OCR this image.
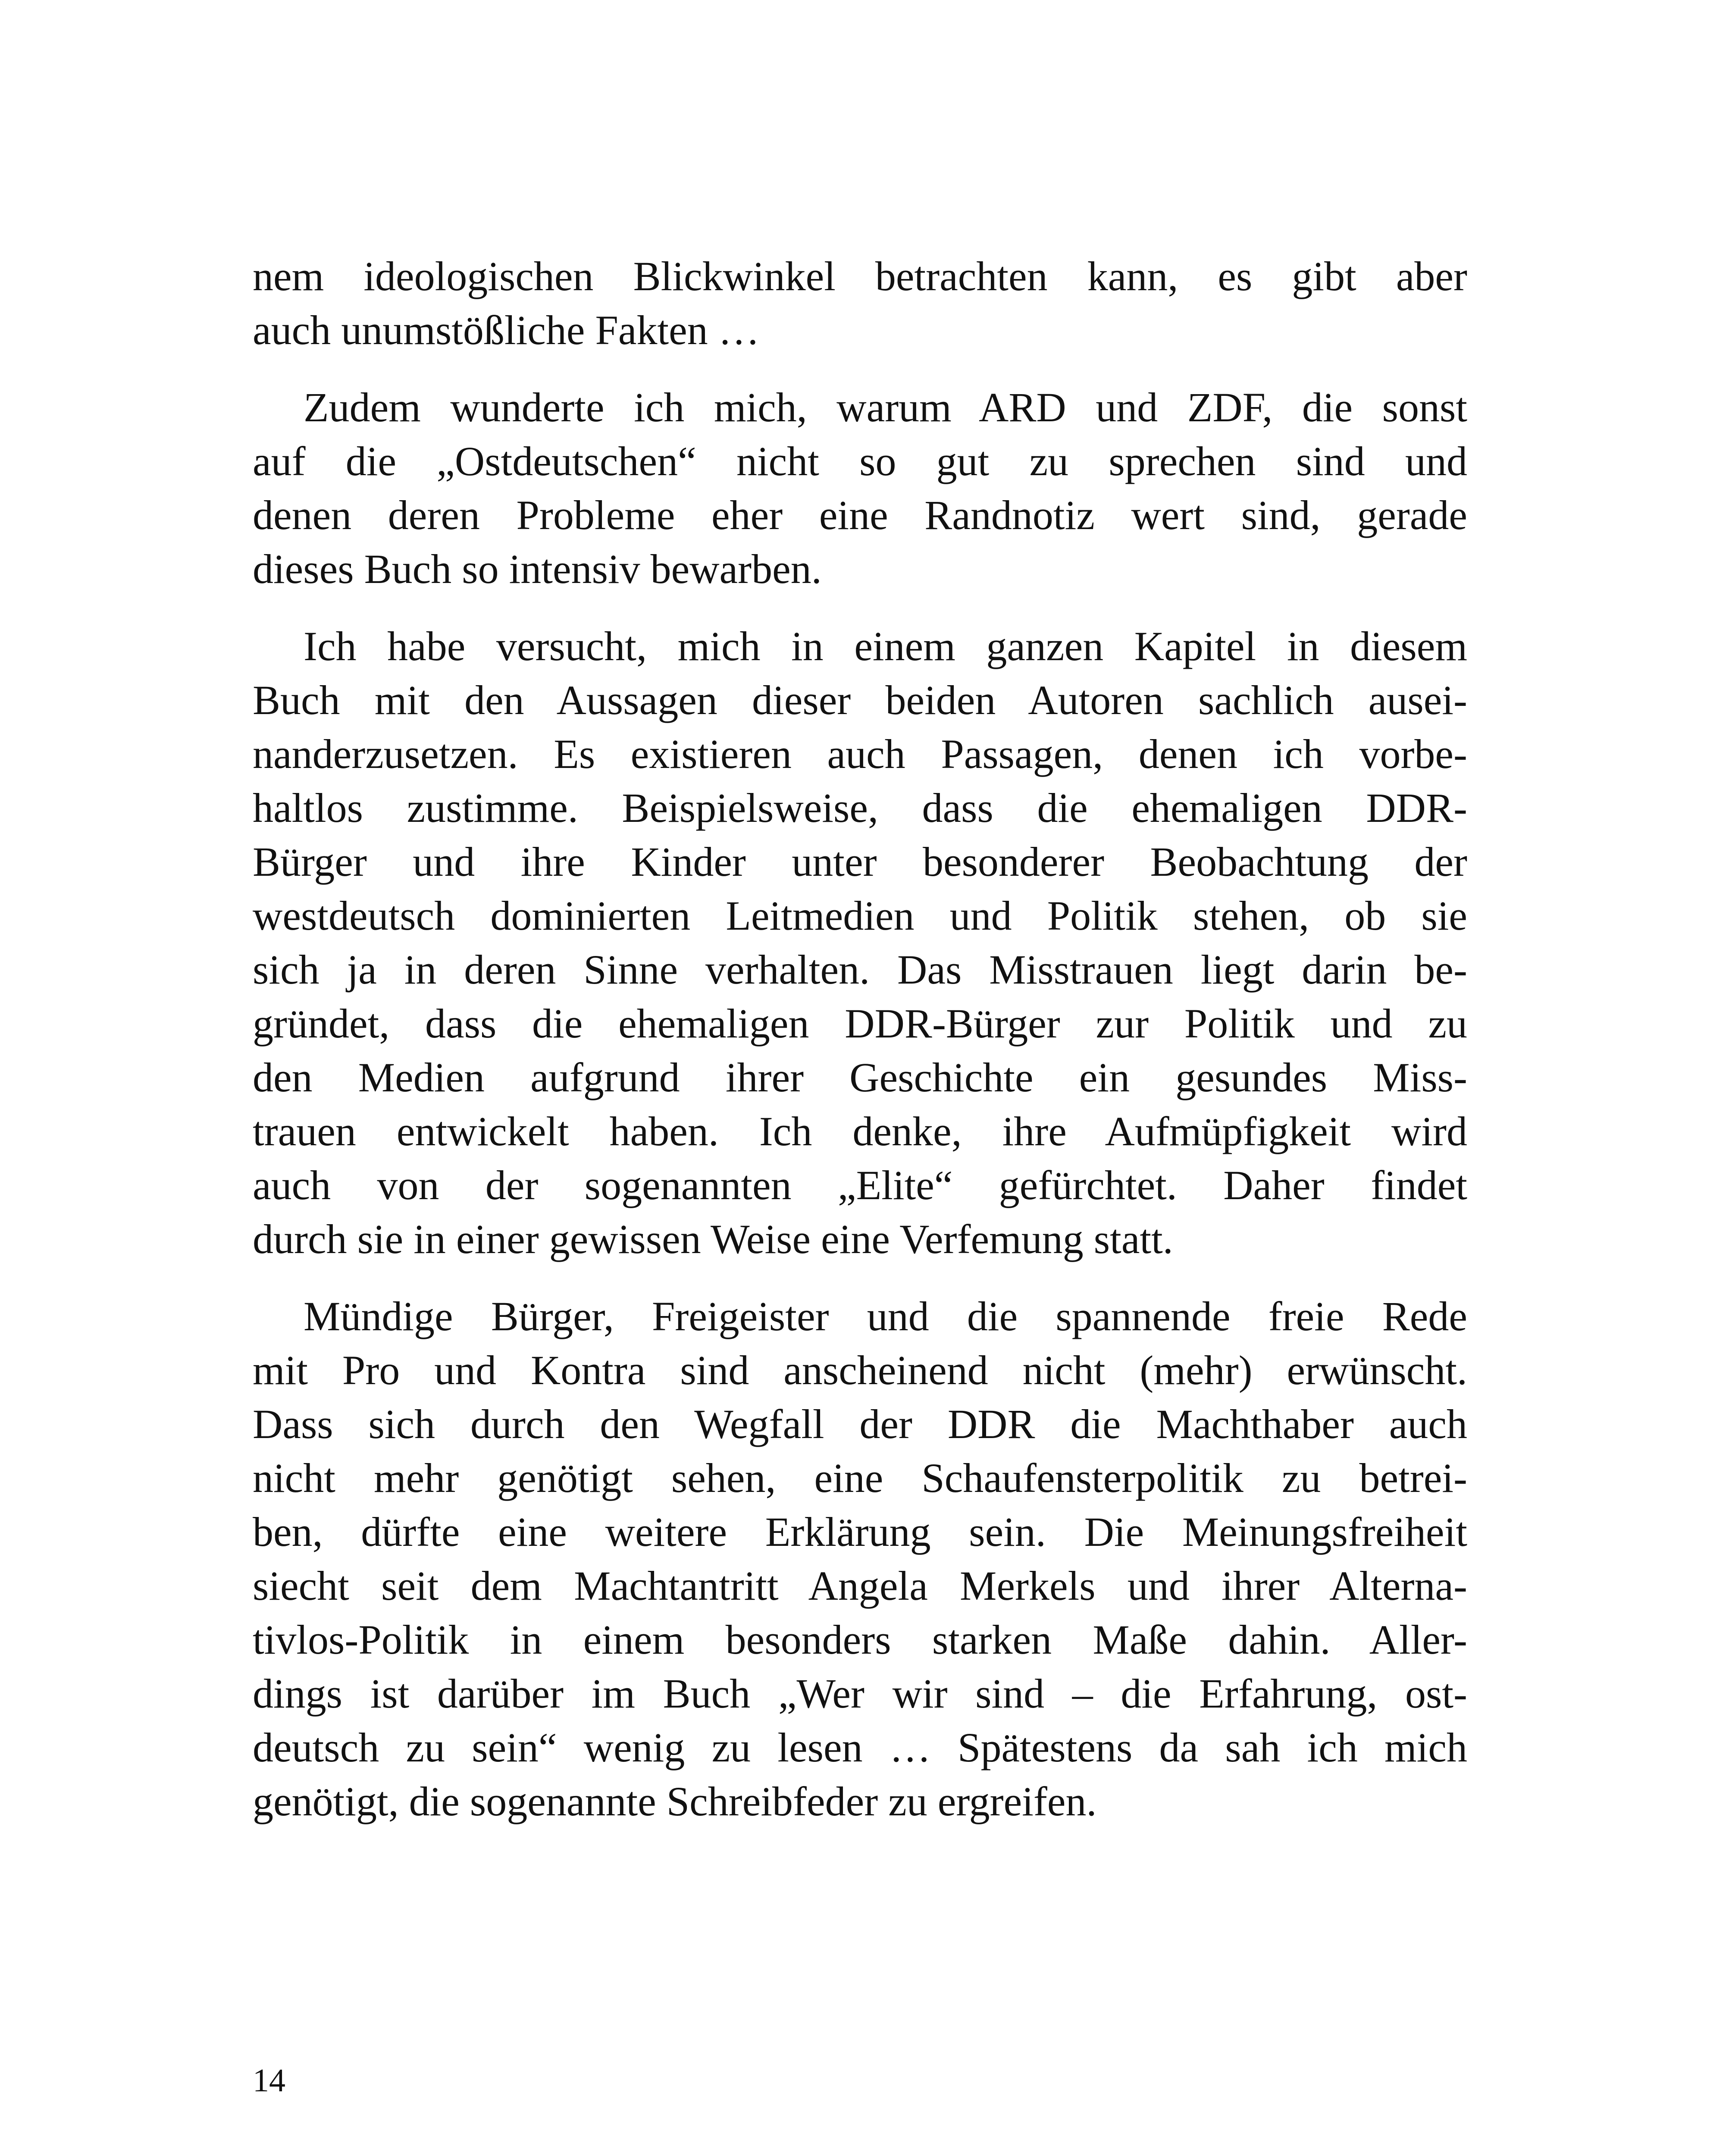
nem ideologischen Blickwinkel betrachten kann, es gibt aber
auch unumstößliche Fakten …
Zudem wunderte ich mich, warum ARD und ZDF, die sonst
auf die „Ostdeutschen“ nicht so gut zu sprechen sind und
denen deren Probleme eher eine Randnotiz wert sind, gerade
dieses Buch so intensiv bewarben.
Ich habe versucht, mich in einem ganzen Kapitel in diesem
Buch mit den Aussagen dieser beiden Autoren sachlich ausei-
nanderzusetzen. Es existieren auch Passagen, denen ich vorbe-
haltlos zustimme. Beispielsweise, dass die ehemaligen DDR-
Bürger und ihre Kinder unter besonderer Beobachtung der
westdeutsch dominierten Leitmedien und Politik stehen, ob sie
sich ja in deren Sinne verhalten. Das Misstrauen liegt darin be-
gründet, dass die ehemaligen DDR-Bürger zur Politik und zu
den Medien aufgrund ihrer Geschichte ein gesundes Miss-
trauen entwickelt haben. Ich denke, ihre Aufmüpfigkeit wird
auch von der sogenannten „Elite“ gefürchtet. Daher findet
durch sie in einer gewissen Weise eine Verfemung statt.
Mündige Bürger, Freigeister und die spannende freie Rede
mit Pro und Kontra sind anscheinend nicht (mehr) erwünscht.
Dass sich durch den Wegfall der DDR die Machthaber auch
nicht mehr genötigt sehen, eine Schaufensterpolitik zu betrei-
ben, dürfte eine weitere Erklärung sein. Die Meinungsfreiheit
siecht seit dem Machtantritt Angela Merkels und ihrer Alterna-
tivlos-Politik in einem besonders starken Maße dahin. Aller-
dings ist darüber im Buch „Wer wir sind – die Erfahrung, ost-
deutsch zu sein“ wenig zu lesen … Spätestens da sah ich mich
genötigt, die sogenannte Schreibfeder zu ergreifen.
14
